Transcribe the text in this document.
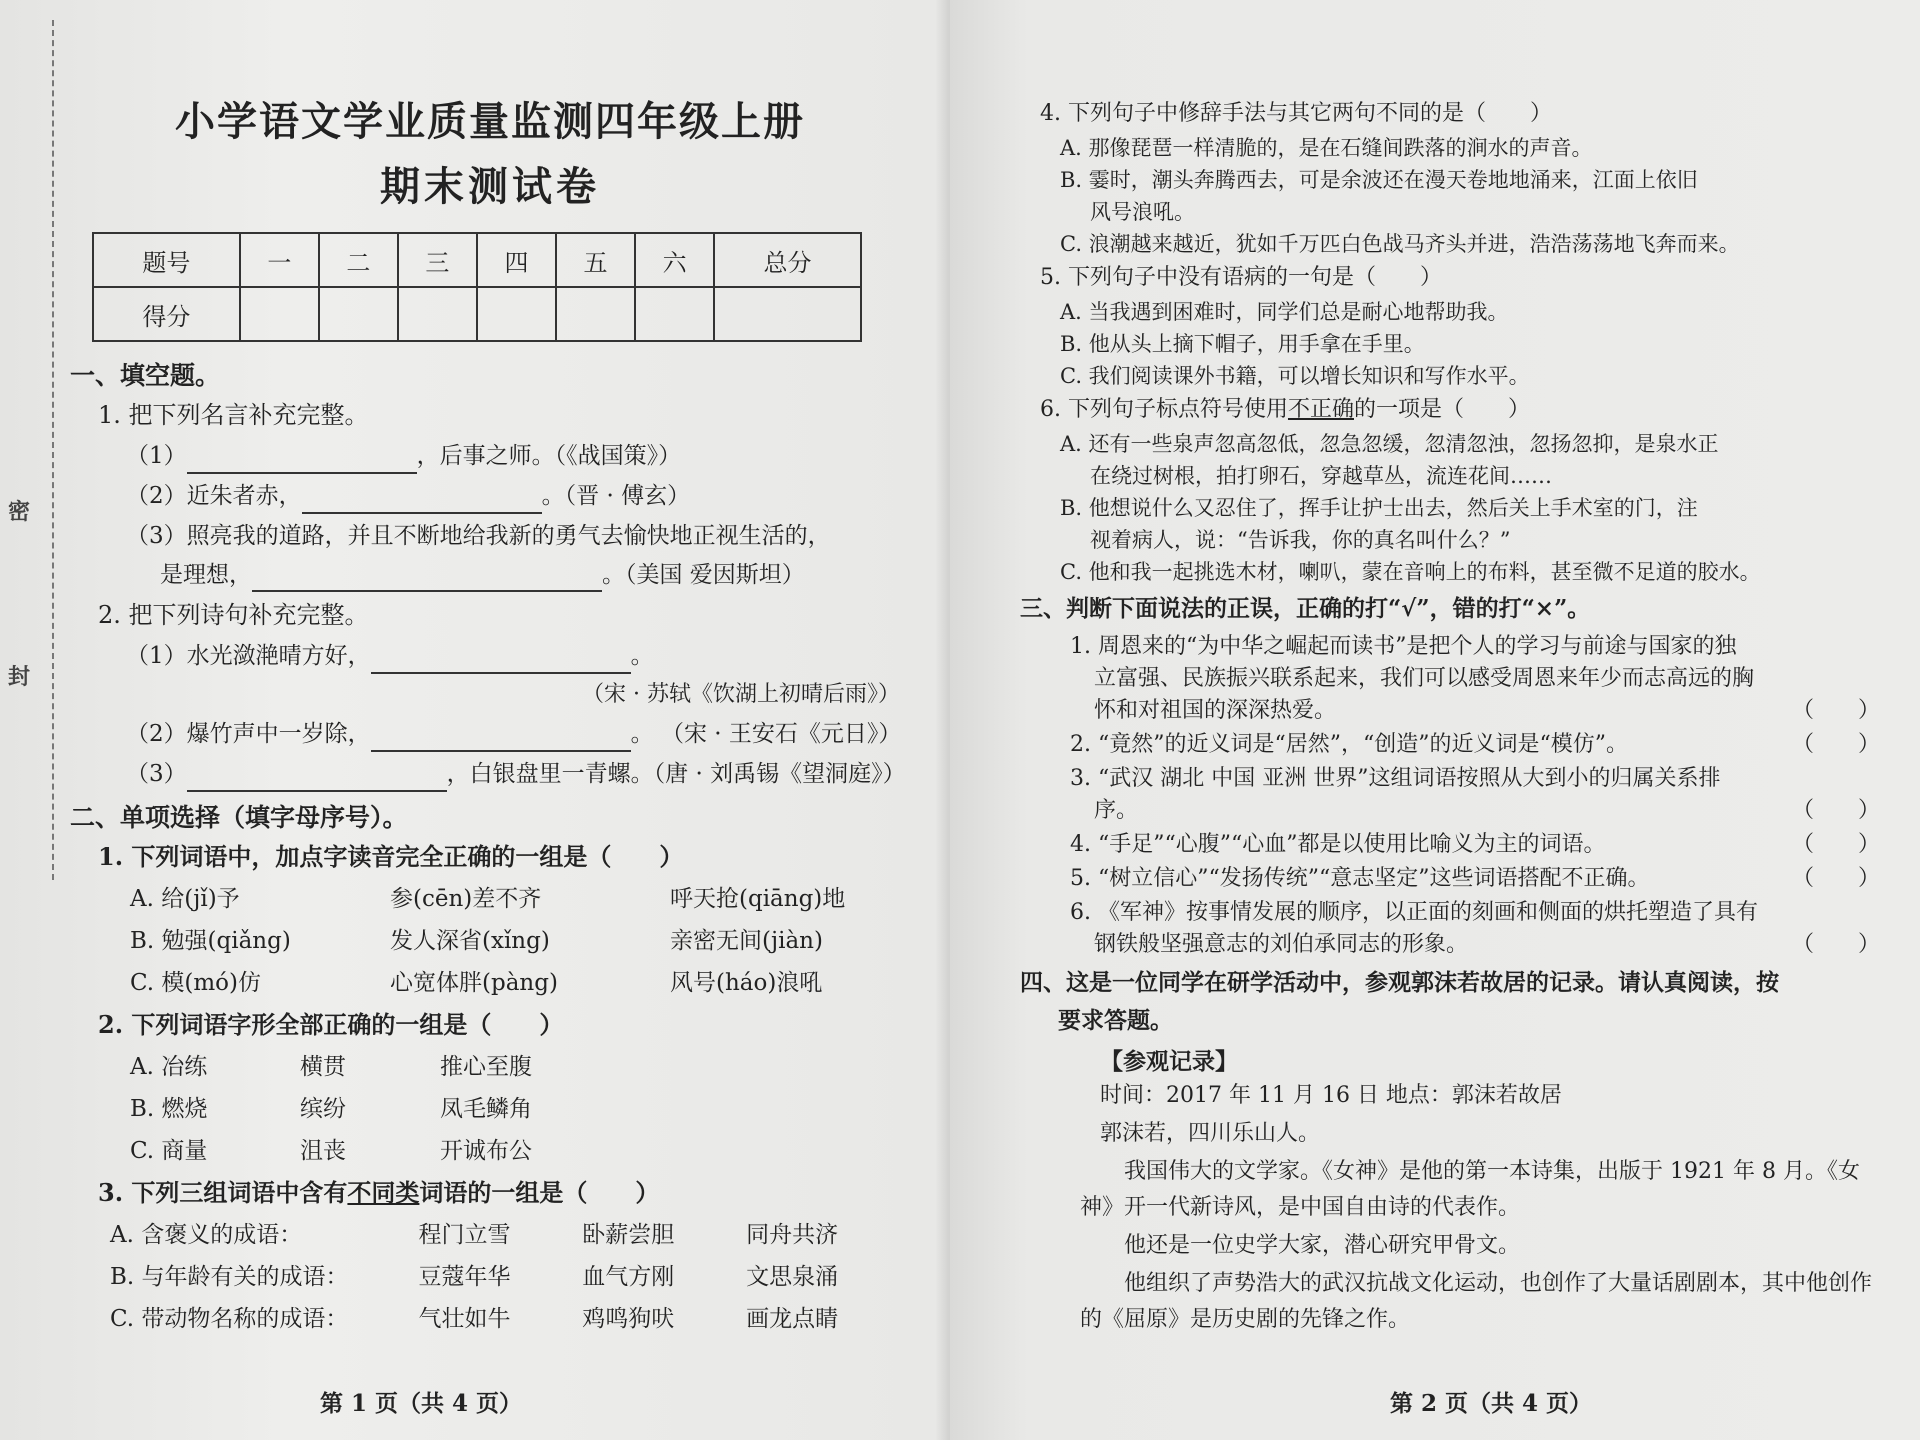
密
封
小学语文学业质量监测四年级上册
期末测试卷
题号	一	二	三	四	五	六	总分
得分							
一、填空题。
1. 把下列名言补充完整。
（1）	，后事之师。（《战国策》）
（2）近朱者赤，	。（晋 · 傅玄）
（3）照亮我的道路，并且不断地给我新的勇气去愉快地正视生活的，
是理想，	。（美国 爱因斯坦）
2. 把下列诗句补充完整。
（1）水光潋滟晴方好，	。
（宋 · 苏轼《饮湖上初晴后雨》）
（2）爆竹声中一岁除，	。 （宋 · 王安石《元日》）
（3）	，白银盘里一青螺。（唐 · 刘禹锡《望洞庭》）
二、单项选择（填字母序号）。
1. 下列词语中，加点字读音完全正确的一组是（　　）
A. 给(jǐ)予	参(cēn)差不齐	呼天抢(qiāng)地
B. 勉强(qiǎng)	发人深省(xǐng)	亲密无间(jiàn)
C. 模(mó)仿	心宽体胖(pàng)	风号(háo)浪吼
2. 下列词语字形全部正确的一组是（　　）
A. 冶练	横贯	推心至腹
B. 燃烧	缤纷	凤毛鳞角
C. 商量	沮丧	开诚布公
3. 下列三组词语中含有不同类词语的一组是（　　）
A. 含褒义的成语：	程门立雪	卧薪尝胆	同舟共济
B. 与年龄有关的成语：	豆蔻年华	血气方刚	文思泉涌
C. 带动物名称的成语：	气壮如牛	鸡鸣狗吠	画龙点睛
第 1 页（共 4 页）
4. 下列句子中修辞手法与其它两句不同的是（　　）
A. 那像琵琶一样清脆的，是在石缝间跌落的涧水的声音。
B. 霎时，潮头奔腾西去，可是余波还在漫天卷地地涌来，江面上依旧
风号浪吼。
C. 浪潮越来越近，犹如千万匹白色战马齐头并进，浩浩荡荡地飞奔而来。
5. 下列句子中没有语病的一句是（　　）
A. 当我遇到困难时，同学们总是耐心地帮助我。
B. 他从头上摘下帽子，用手拿在手里。
C. 我们阅读课外书籍，可以增长知识和写作水平。
6. 下列句子标点符号使用不正确的一项是（　　）
A. 还有一些泉声忽高忽低，忽急忽缓，忽清忽浊，忽扬忽抑，是泉水正
在绕过树根，拍打卵石，穿越草丛，流连花间……
B. 他想说什么又忍住了，挥手让护士出去，然后关上手术室的门，注
视着病人，说：“告诉我，你的真名叫什么？”
C. 他和我一起挑选木材，喇叭，蒙在音响上的布料，甚至微不足道的胶水。
三、判断下面说法的正误，正确的打“√”，错的打“×”。
1. 周恩来的“为中华之崛起而读书”是把个人的学习与前途与国家的独
立富强、民族振兴联系起来，我们可以感受周恩来年少而志高远的胸
怀和对祖国的深深热爱。	（　　）
2. “竟然”的近义词是“居然”，“创造”的近义词是“模仿”。	（　　）
3. “武汉 湖北 中国 亚洲 世界”这组词语按照从大到小的归属关系排
序。	（　　）
4. “手足”“心腹”“心血”都是以使用比喻义为主的词语。	（　　）
5. “树立信心”“发扬传统”“意志坚定”这些词语搭配不正确。	（　　）
6. 《军神》按事情发展的顺序，以正面的刻画和侧面的烘托塑造了具有
钢铁般坚强意志的刘伯承同志的形象。	（　　）
四、这是一位同学在研学活动中，参观郭沫若故居的记录。请认真阅读，按
要求答题。
【参观记录】
时间：2017 年 11 月 16 日 地点：郭沫若故居
郭沫若，四川乐山人。
我国伟大的文学家。《女神》是他的第一本诗集，出版于 1921 年 8 月。《女神》开一代新诗风，是中国自由诗的代表作。
他还是一位史学大家，潜心研究甲骨文。
他组织了声势浩大的武汉抗战文化运动，也创作了大量话剧剧本，其中他创作的《屈原》是历史剧的先锋之作。
第 2 页（共 4 页）
